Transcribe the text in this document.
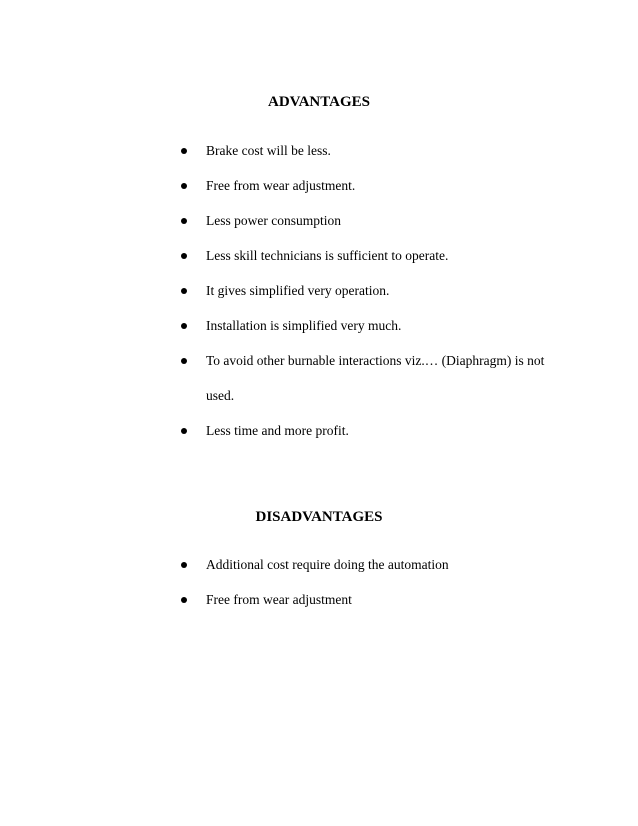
ADVANTAGES
Brake cost will be less.
Free from wear adjustment.
Less power consumption
Less skill technicians is sufficient to operate.
It gives simplified very operation.
Installation is simplified very much.
To avoid other burnable interactions viz.… (Diaphragm) is not used.
Less time and more profit.
DISADVANTAGES
Additional cost require doing the automation
Free from wear adjustment
